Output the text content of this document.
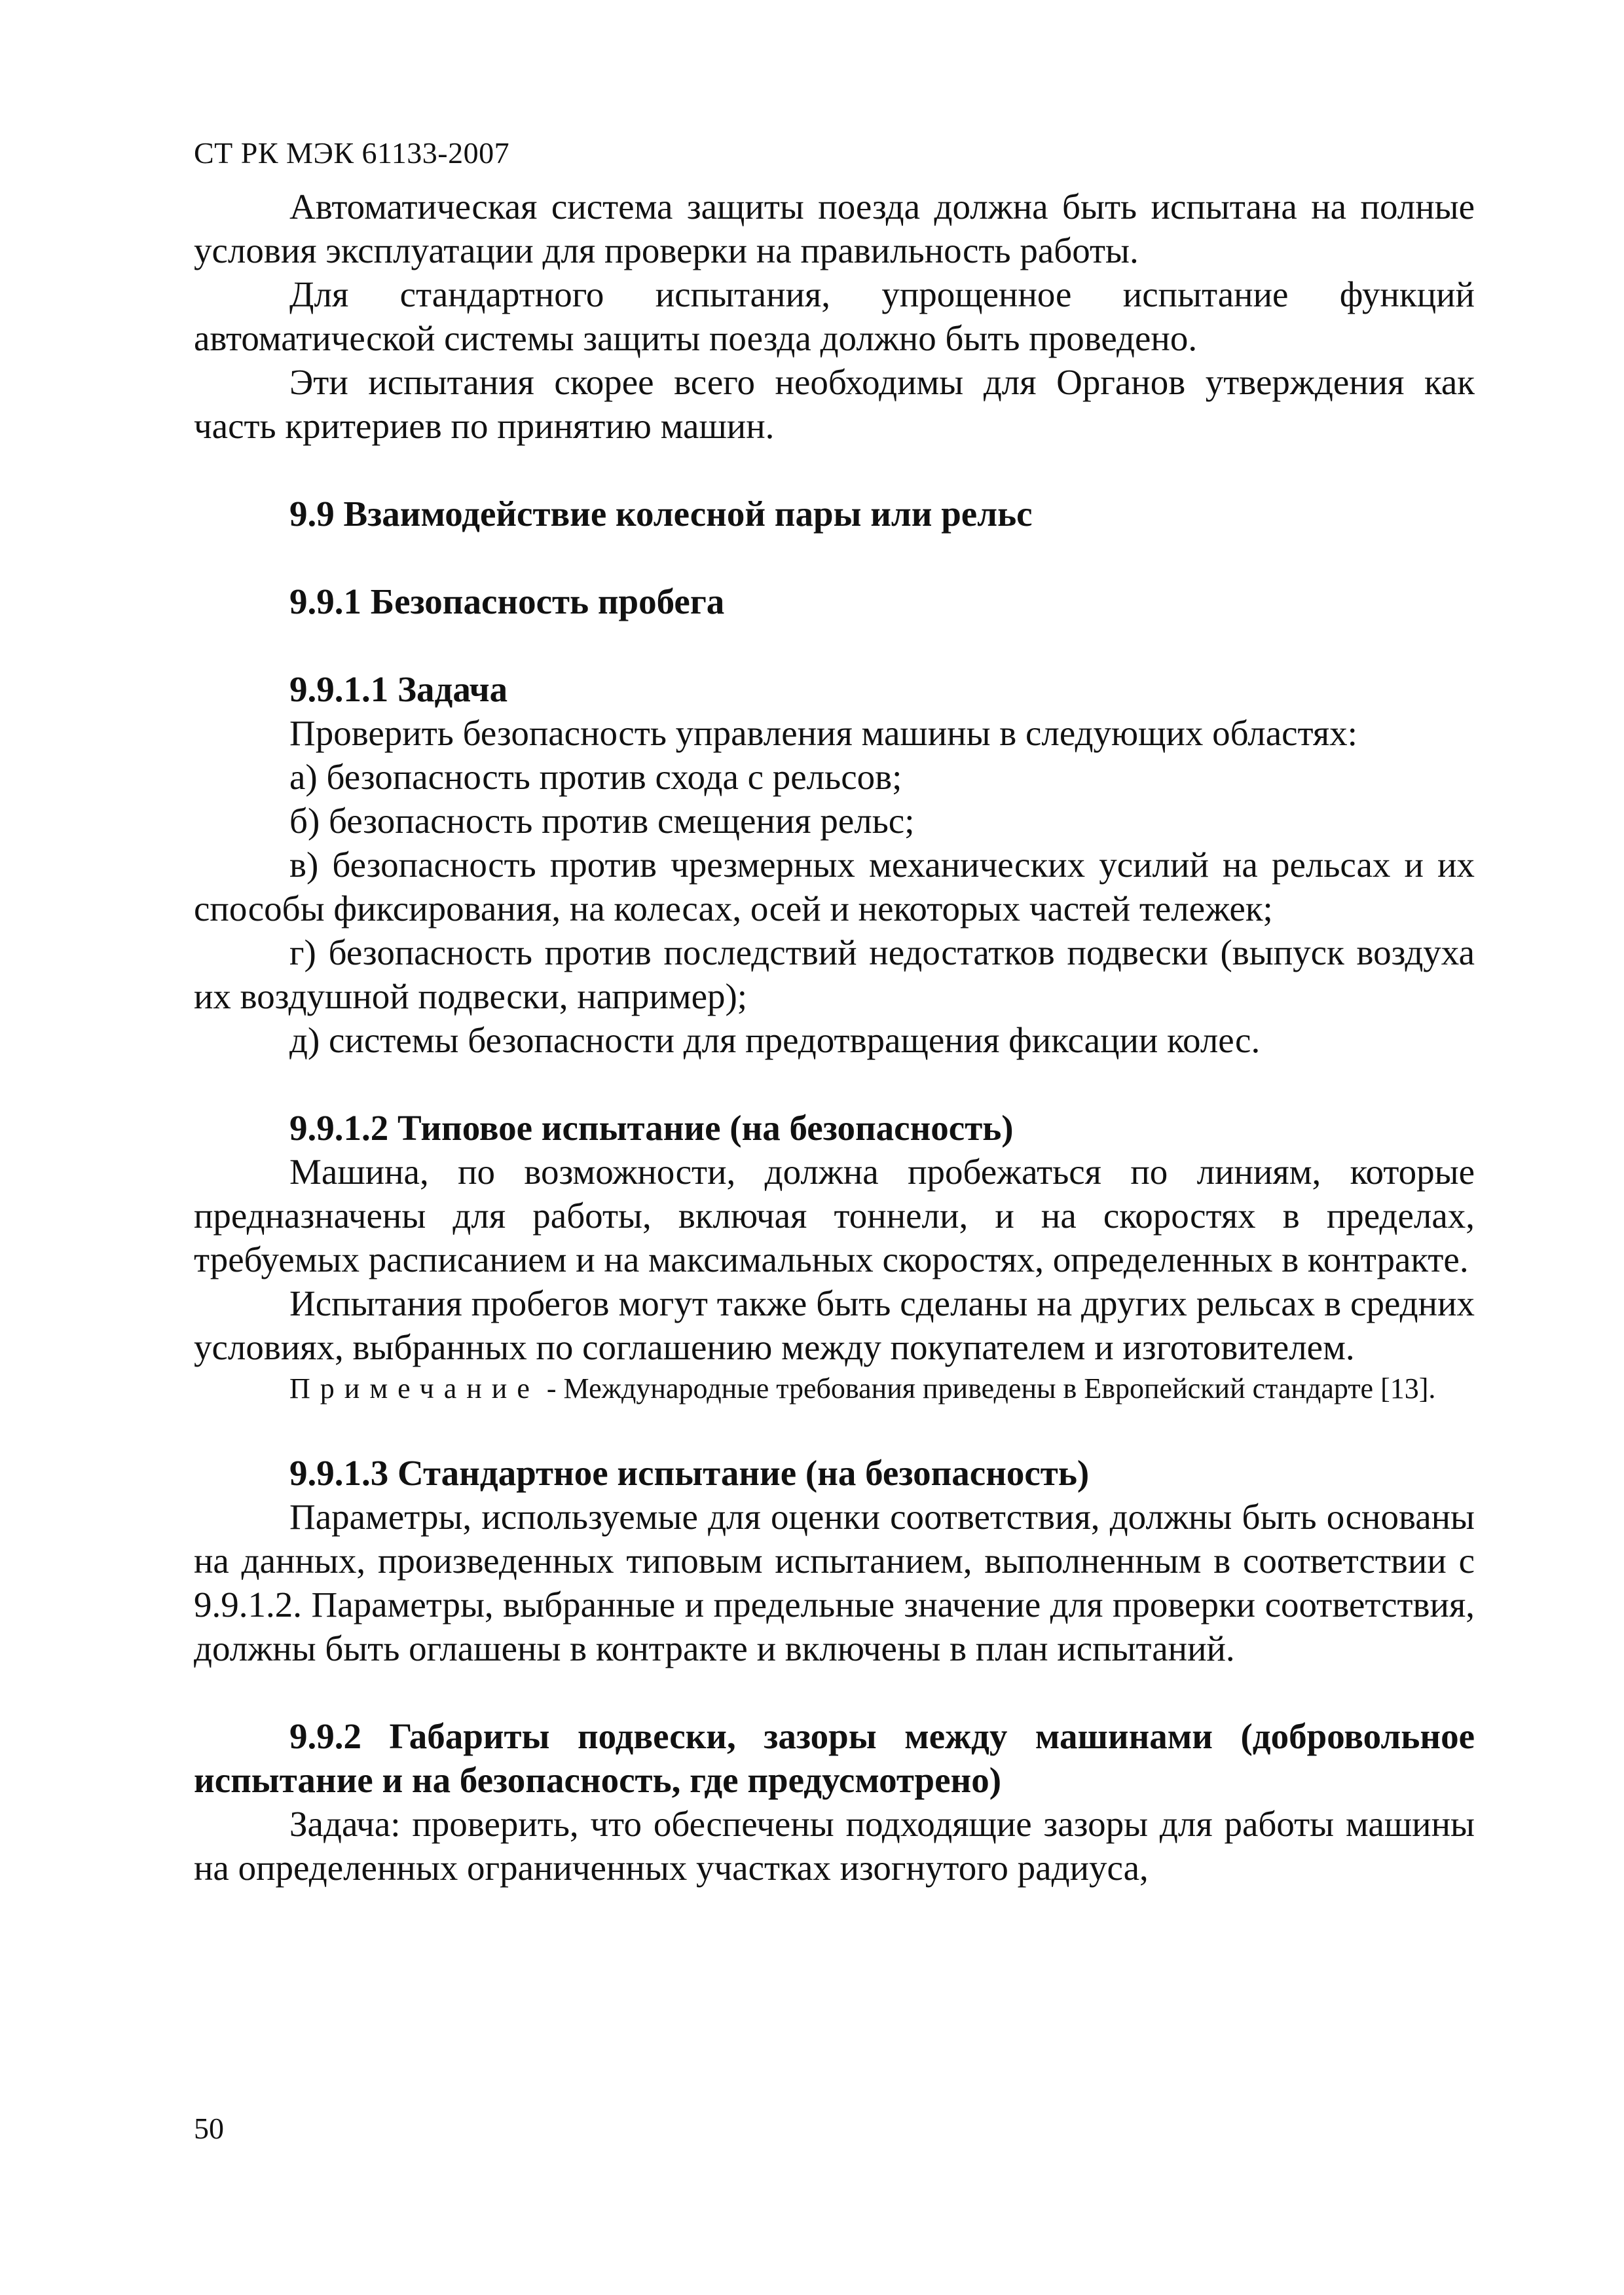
СТ РК МЭК 61133-2007

Автоматическая система защиты поезда должна быть испытана на полные условия эксплуатации для проверки на правильность работы.

Для стандартного испытания, упрощенное испытание функций автоматической системы защиты поезда должно быть проведено.

Эти испытания скорее всего необходимы для Органов утверждения как часть критериев по принятию машин.

9.9 Взаимодействие колесной пары или рельс
9.9.1 Безопасность пробега
9.9.1.1 Задача

Проверить безопасность управления машины в следующих областях:

а) безопасность против схода с рельсов;

б) безопасность против смещения рельс;

в) безопасность против чрезмерных механических усилий на рельсах и их способы фиксирования, на колесах, осей и некоторых частей тележек;

г) безопасность против последствий недостатков подвески (выпуск воздуха их воздушной подвески, например);

д) системы безопасности для предотвращения фиксации колес.

9.9.1.2 Типовое испытание (на безопасность)

Машина, по возможности, должна пробежаться по линиям, которые предназначены для работы, включая тоннели, и на скоростях в пределах, требуемых расписанием и на максимальных скоростях, определенных в контракте.

Испытания пробегов могут также быть сделаны на других рельсах в средних условиях, выбранных по соглашению между покупателем и изготовителем.

Примечание - Международные требования приведены в Европейский стандарте [13].
9.9.1.3 Стандартное испытание (на безопасность)

Параметры, используемые для оценки соответствия, должны быть основаны на данных, произведенных типовым испытанием, выполненным в соответствии с 9.9.1.2. Параметры, выбранные и предельные значение для проверки соответствия, должны быть оглашены в контракте и включены в план испытаний.

9.9.2 Габариты подвески, зазоры между машинами (добровольное испытание и на безопасность, где предусмотрено)

Задача: проверить, что обеспечены подходящие зазоры для работы машины на определенных ограниченных участках изогнутого радиуса,

50
